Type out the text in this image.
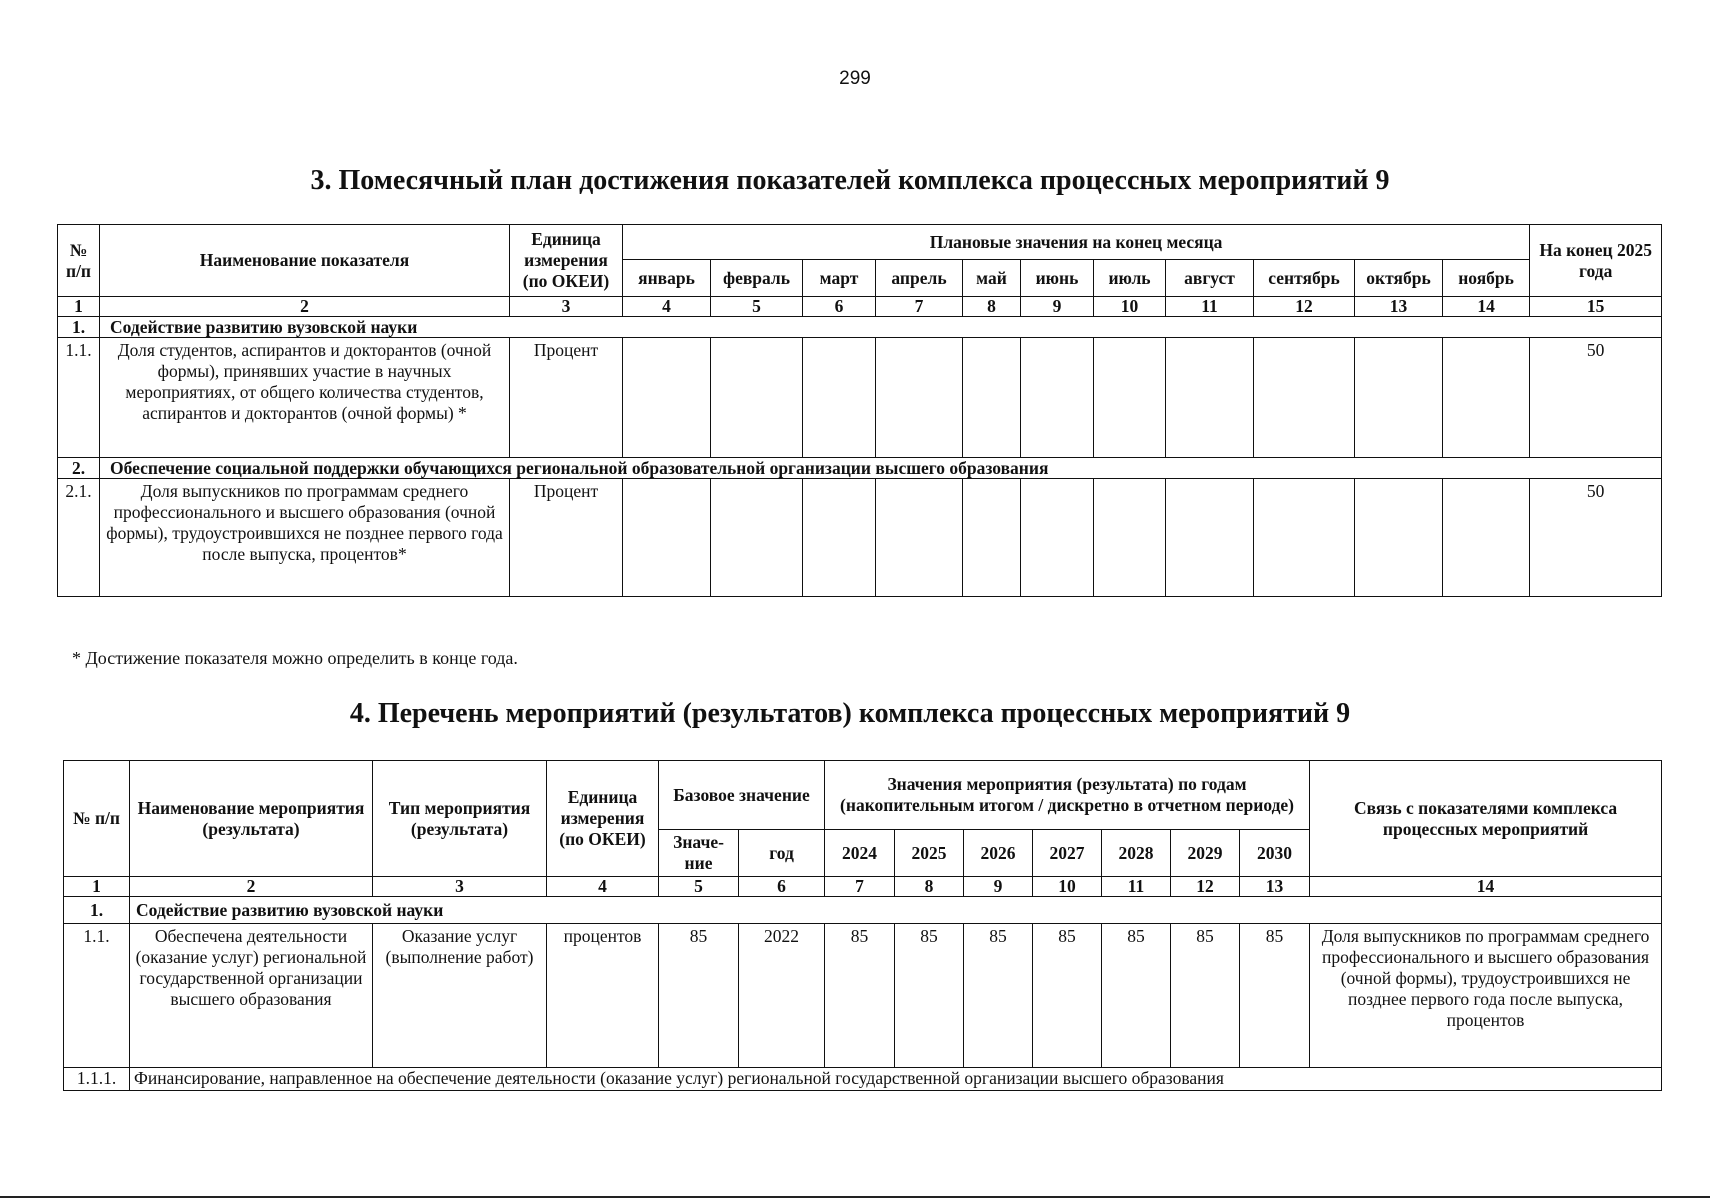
299
3. Помесячный план достижения показателей комплекса процессных мероприятий 9
№ п/п	Наименование показателя	Единица измерения (по ОКЕИ)	Плановые значения на конец месяца											На конец 2025 года
			январь	февраль	март	апрель	май	июнь	июль	август	сентябрь	октябрь	ноябрь	
1	2	3	4	5	6	7	8	9	10	11	12	13	14	15
1.	Содействие развитию вузовской науки													
1.1.	Доля студентов, аспирантов и докторантов (очной формы), принявших участие в научных мероприятиях, от общего количества студентов, аспирантов и докторантов (очной формы) *	Процент												50
2.	Обеспечение социальной поддержки обучающихся региональной образовательной организации высшего образования													
2.1.	Доля выпускников по программам среднего профессионального и высшего образования (очной формы), трудоустроившихся не позднее первого года после выпуска, процентов*	Процент												50
* Достижение показателя можно определить в конце года.
4. Перечень мероприятий (результатов) комплекса процессных мероприятий 9
№ п/п	Наименование мероприятия (результата)	Тип мероприятия (результата)	Единица измерения (по ОКЕИ)	Базовое значение		Значения мероприятия (результата) по годам (накопительным итогом / дискретно в отчетном периоде)							Связь с показателями комплекса процессных мероприятий
				Значе- ние	год	2024	2025	2026	2027	2028	2029	2030	
1	2	3	4	5	6	7	8	9	10	11	12	13	14
1.	Содействие развитию вузовской науки												
1.1.	Обеспечена деятельности (оказание услуг) региональной государственной организации высшего образования	Оказание услуг (выполнение работ)	процентов	85	2022	85	85	85	85	85	85	85	Доля выпускников по программам среднего профессионального и высшего образования (очной формы), трудоустроившихся не позднее первого года после выпуска, процентов
1.1.1.	Финансирование, направленное на обеспечение деятельности (оказание услуг) региональной государственной организации высшего образования												
